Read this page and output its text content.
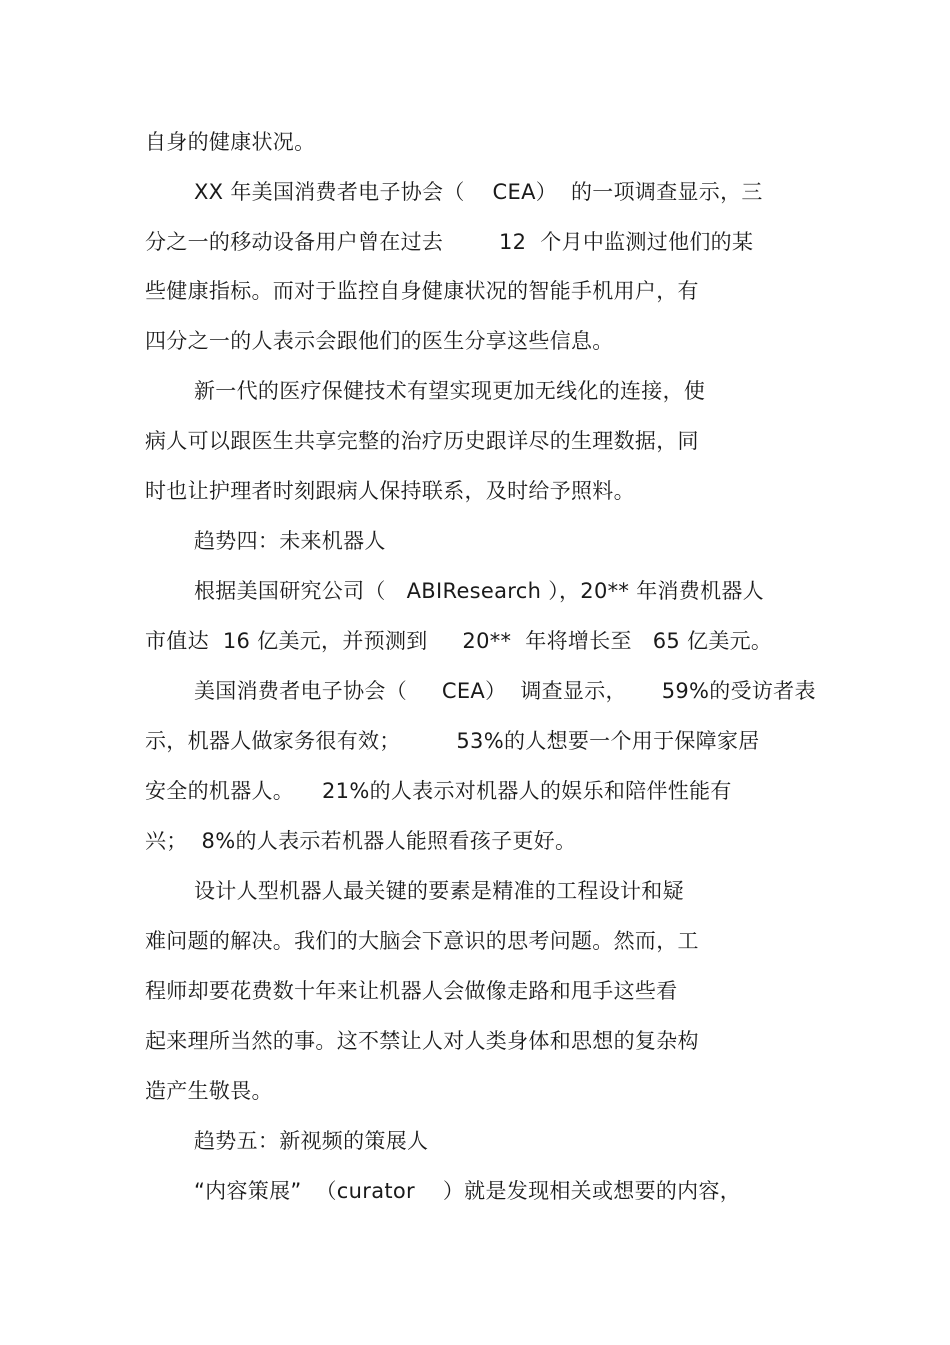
自身的健康状况。
XX 年美国消费者电子协会（    CEA）  的一项调查显示，三
分之一的移动设备用户曾在过去        12  个月中监测过他们的某
些健康指标。而对于监控自身健康状况的智能手机用户，有
四分之一的人表示会跟他们的医生分享这些信息。
新一代的医疗保健技术有望实现更加无线化的连接，使
病人可以跟医生共享完整的治疗历史跟详尽的生理数据，同
时也让护理者时刻跟病人保持联系，及时给予照料。
趋势四：未来机器人
根据美国研究公司（   ABIResearch ），20** 年消费机器人
市值达  16 亿美元，并预测到     20**  年将增长至   65 亿美元。
美国消费者电子协会（     CEA）  调查显示，     59%的受访者表
示，机器人做家务很有效；        53%的人想要一个用于保障家居
安全的机器人。    21%的人表示对机器人的娱乐和陪伴性能有
兴；  8%的人表示若机器人能照看孩子更好。
设计人型机器人最关键的要素是精准的工程设计和疑
难问题的解决。我们的大脑会下意识的思考问题。然而，工
程师却要花费数十年来让机器人会做像走路和甩手这些看
起来理所当然的事。这不禁让人对人类身体和思想的复杂构
造产生敬畏。
趋势五：新视频的策展人
“内容策展”  （curator    ）就是发现相关或想要的内容，
